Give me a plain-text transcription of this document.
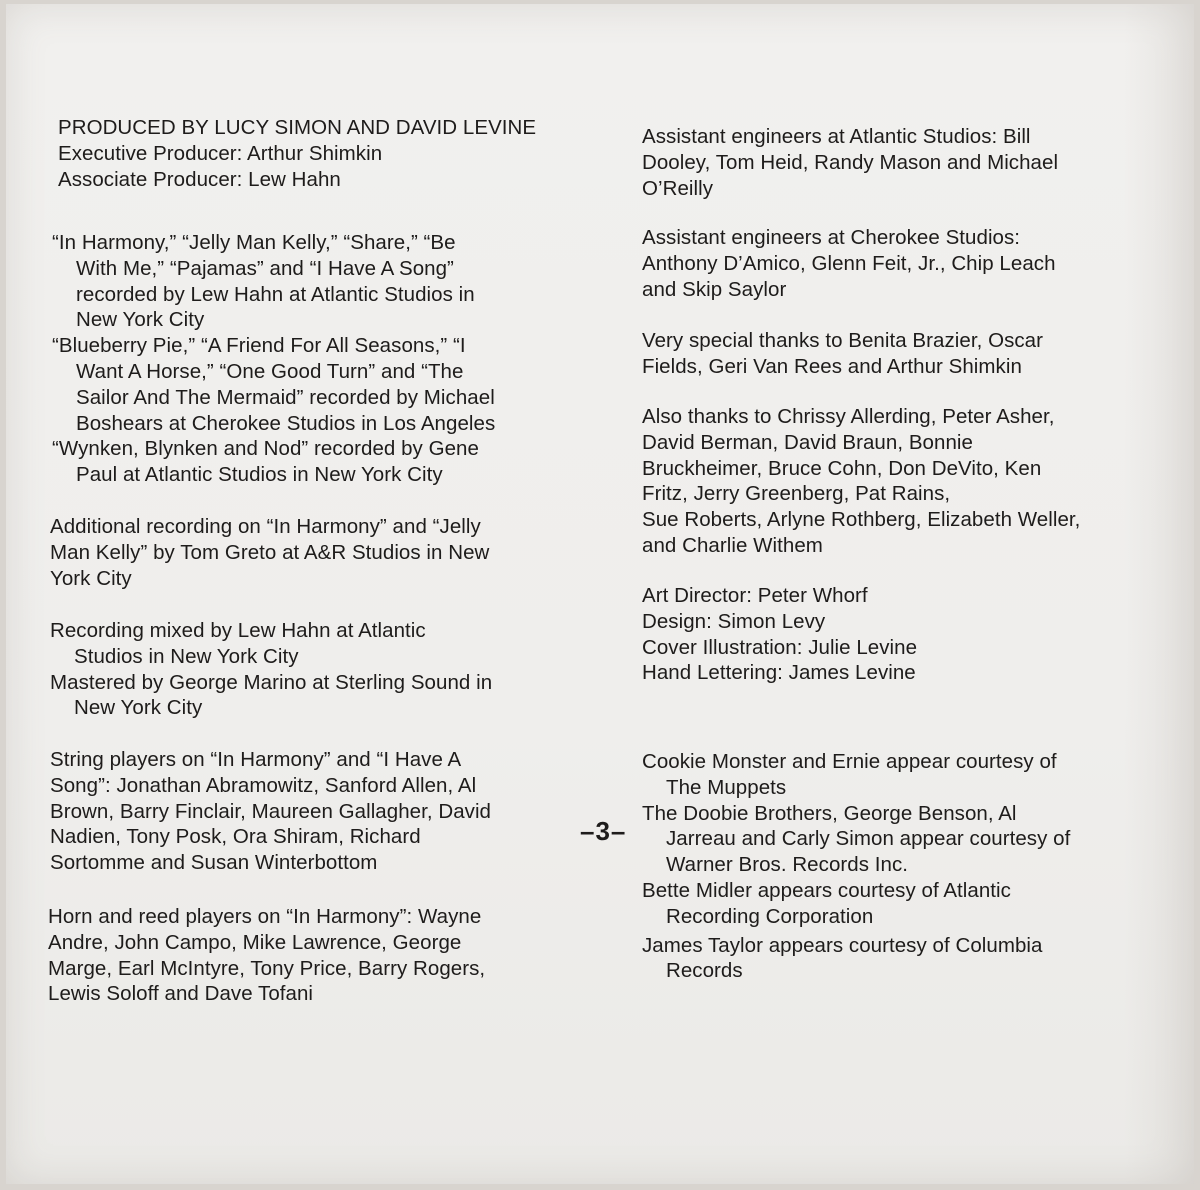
PRODUCED BY LUCY SIMON AND DAVID LEVINE
Executive Producer: Arthur Shimkin
Associate Producer: Lew Hahn
“In Harmony,” “Jelly Man Kelly,” “Share,” “Be
With Me,” “Pajamas” and “I Have A Song”
recorded by Lew Hahn at Atlantic Studios in
New York City
“Blueberry Pie,” “A Friend For All Seasons,” “I
Want A Horse,” “One Good Turn” and “The
Sailor And The Mermaid” recorded by Michael
Boshears at Cherokee Studios in Los Angeles
“Wynken, Blynken and Nod” recorded by Gene
Paul at Atlantic Studios in New York City
Additional recording on “In Harmony” and “Jelly
Man Kelly” by Tom Greto at A&R Studios in New
York City
Recording mixed by Lew Hahn at Atlantic
Studios in New York City
Mastered by George Marino at Sterling Sound in
New York City
String players on “In Harmony” and “I Have A
Song”: Jonathan Abramowitz, Sanford Allen, Al
Brown, Barry Finclair, Maureen Gallagher, David
Nadien, Tony Posk, Ora Shiram, Richard
Sortomme and Susan Winterbottom
Horn and reed players on “In Harmony”: Wayne
Andre, John Campo, Mike Lawrence, George
Marge, Earl McIntyre, Tony Price, Barry Rogers,
Lewis Soloff and Dave Tofani
Assistant engineers at Atlantic Studios: Bill
Dooley, Tom Heid, Randy Mason and Michael
O’Reilly
Assistant engineers at Cherokee Studios:
Anthony D’Amico, Glenn Feit, Jr., Chip Leach
and Skip Saylor
Very special thanks to Benita Brazier, Oscar
Fields, Geri Van Rees and Arthur Shimkin
Also thanks to Chrissy Allerding, Peter Asher,
David Berman, David Braun, Bonnie
Bruckheimer, Bruce Cohn, Don DeVito, Ken
Fritz, Jerry Greenberg, Pat Rains,
Sue Roberts, Arlyne Rothberg, Elizabeth Weller,
and Charlie Withem
Art Director: Peter Whorf
Design: Simon Levy
Cover Illustration: Julie Levine
Hand Lettering: James Levine
Cookie Monster and Ernie appear courtesy of
The Muppets
The Doobie Brothers, George Benson, Al
Jarreau and Carly Simon appear courtesy of
Warner Bros. Records Inc.
Bette Midler appears courtesy of Atlantic
Recording Corporation
James Taylor appears courtesy of Columbia
Records
–3–
